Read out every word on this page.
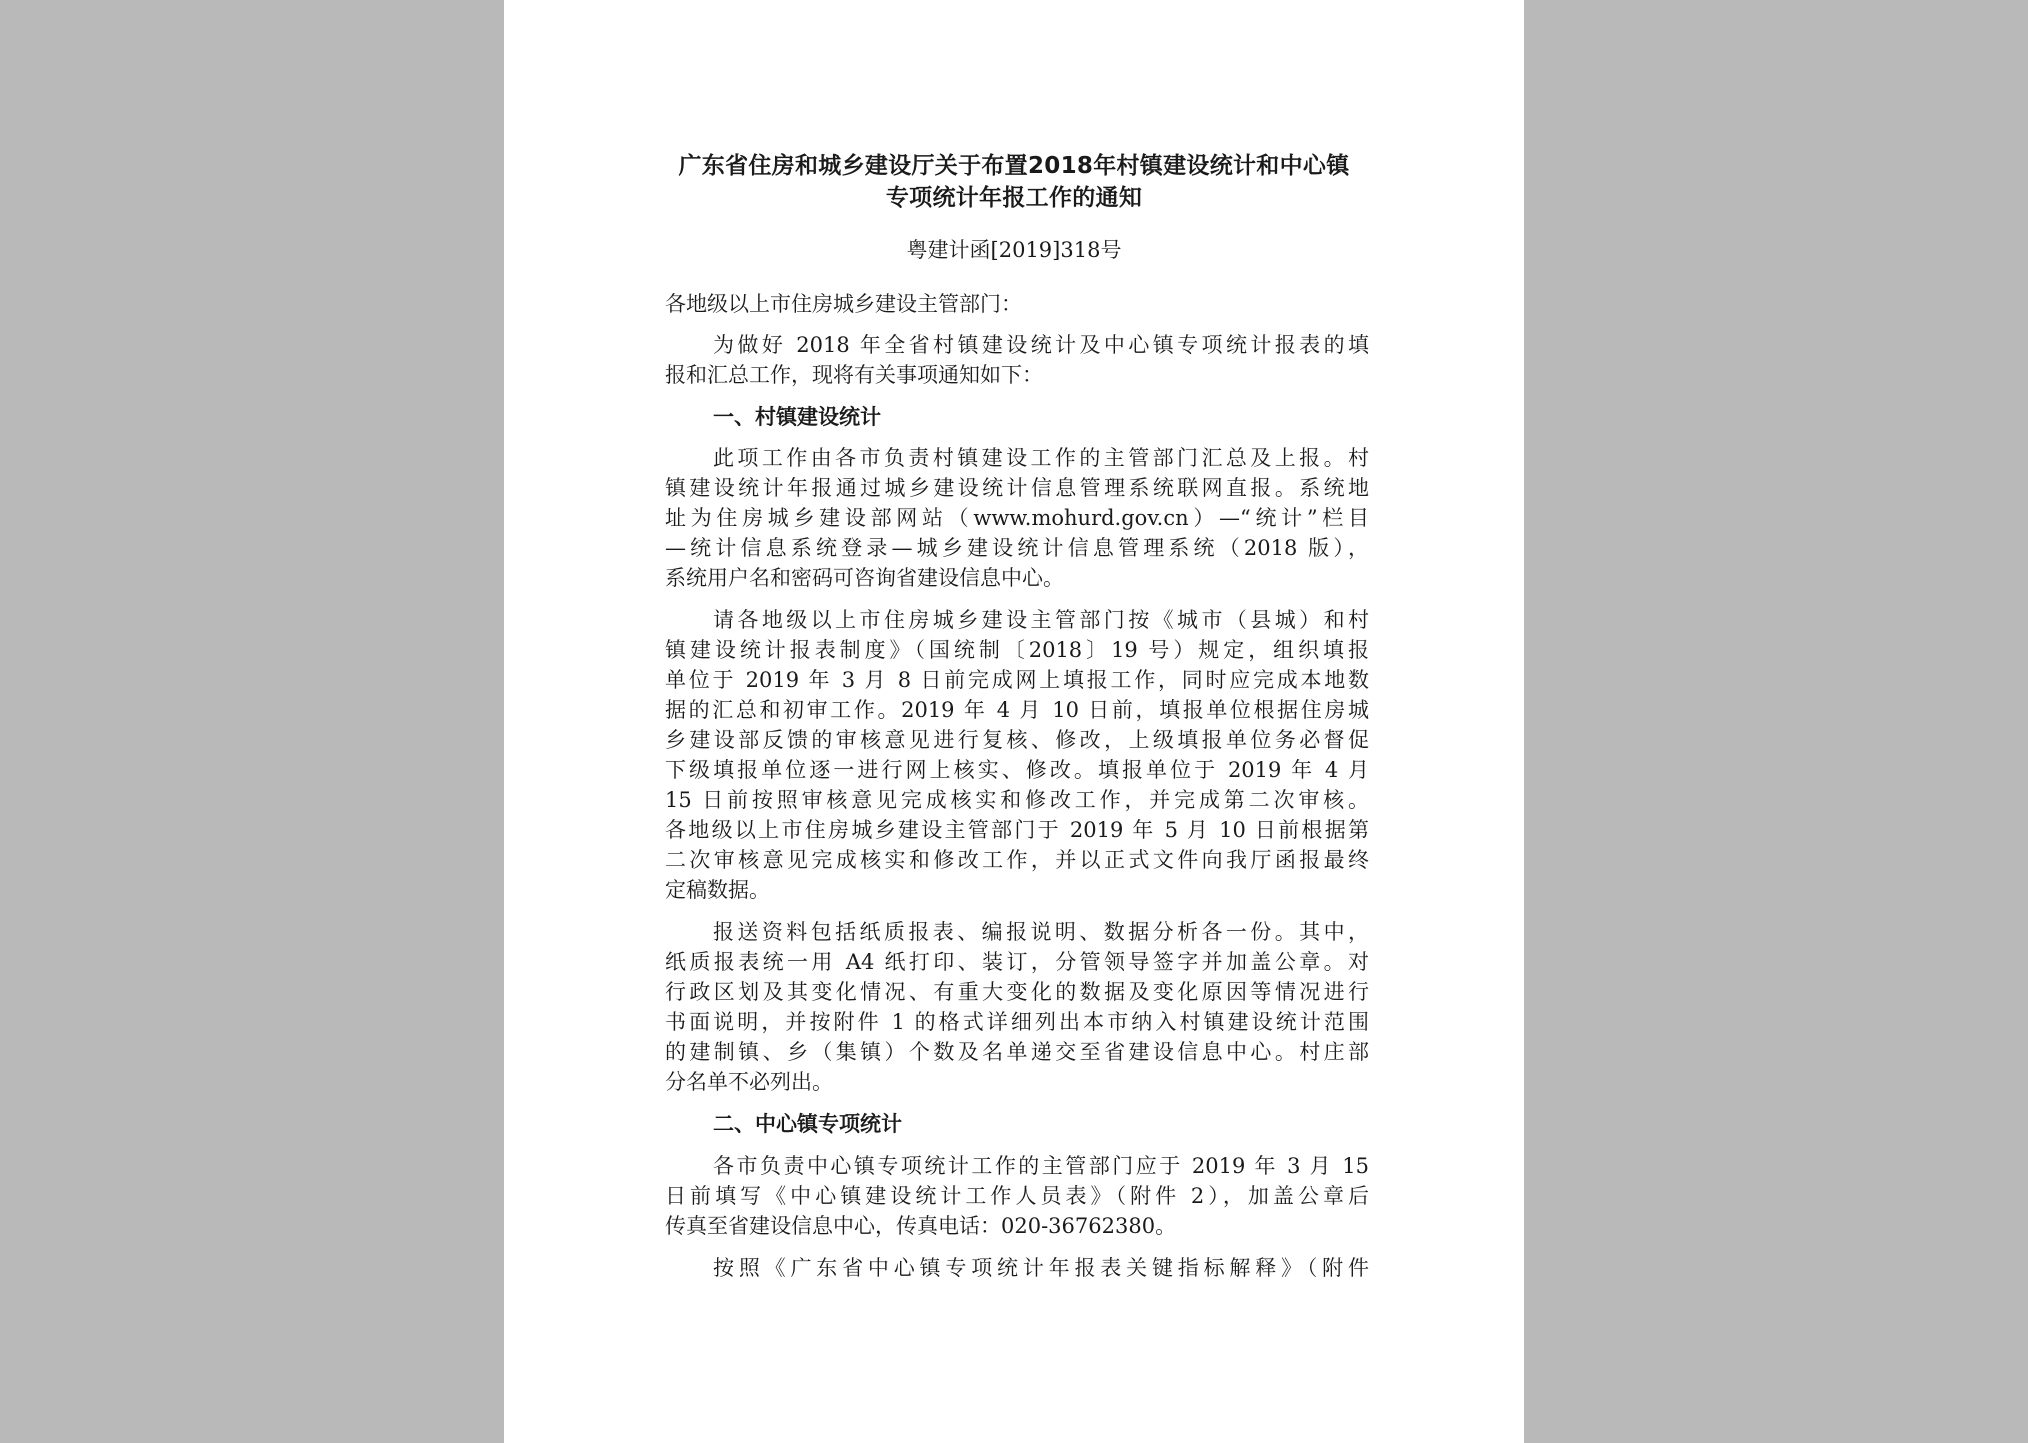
广东省住房和城乡建设厅关于布置2018年村镇建设统计和中心镇
专项统计年报工作的通知
粤建计函[2019]318号
各地级以上市住房城乡建设主管部门：
为做好 2018 年全省村镇建设统计及中心镇专项统计报表的填
报和汇总工作，现将有关事项通知如下：
一、村镇建设统计
此项工作由各市负责村镇建设工作的主管部门汇总及上报。村
镇建设统计年报通过城乡建设统计信息管理系统联网直报。系统地
址为住房城乡建设部网站（www.mohurd.gov.cn）—“统计”栏目
—统计信息系统登录—城乡建设统计信息管理系统（2018 版），
系统用户名和密码可咨询省建设信息中心。
请各地级以上市住房城乡建设主管部门按《城市（县城）和村
镇建设统计报表制度》（国统制〔2018〕19 号）规定，组织填报
单位于 2019 年 3 月 8 日前完成网上填报工作，同时应完成本地数
据的汇总和初审工作。2019 年 4 月 10 日前，填报单位根据住房城
乡建设部反馈的审核意见进行复核、修改，上级填报单位务必督促
下级填报单位逐一进行网上核实、修改。填报单位于 2019 年 4 月
15 日前按照审核意见完成核实和修改工作，并完成第二次审核。
各地级以上市住房城乡建设主管部门于 2019 年 5 月 10 日前根据第
二次审核意见完成核实和修改工作，并以正式文件向我厅函报最终
定稿数据。
报送资料包括纸质报表、编报说明、数据分析各一份。其中，
纸质报表统一用 A4 纸打印、装订，分管领导签字并加盖公章。对
行政区划及其变化情况、有重大变化的数据及变化原因等情况进行
书面说明，并按附件 1 的格式详细列出本市纳入村镇建设统计范围
的建制镇、乡（集镇）个数及名单递交至省建设信息中心。村庄部
分名单不必列出。
二、中心镇专项统计
各市负责中心镇专项统计工作的主管部门应于 2019 年 3 月 15
日前填写《中心镇建设统计工作人员表》（附件 2），加盖公章后
传真至省建设信息中心，传真电话：020-36762380。
按照《广东省中心镇专项统计年报表关键指标解释》（附件
